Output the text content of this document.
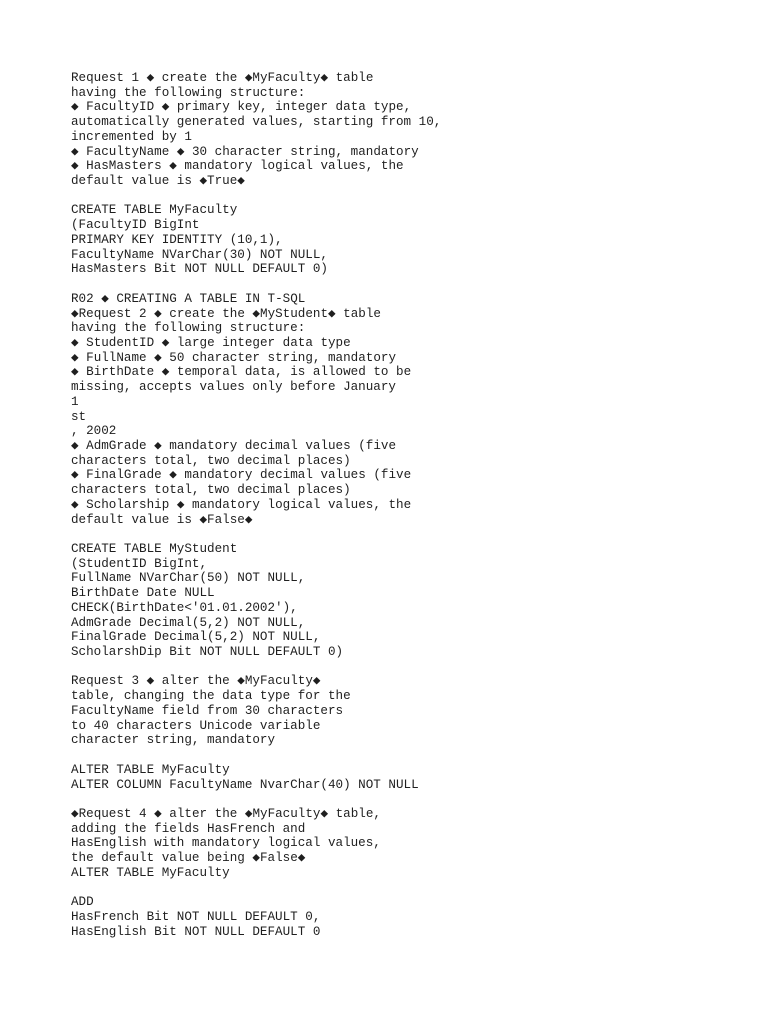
Request 1 ◆ create the ◆MyFaculty◆ table
having the following structure:
◆ FacultyID ◆ primary key, integer data type,
automatically generated values, starting from 10,
incremented by 1
◆ FacultyName ◆ 30 character string, mandatory
◆ HasMasters ◆ mandatory logical values, the
default value is ◆True◆

CREATE TABLE MyFaculty
(FacultyID BigInt
PRIMARY KEY IDENTITY (10,1),
FacultyName NVarChar(30) NOT NULL,
HasMasters Bit NOT NULL DEFAULT 0)

R02 ◆ CREATING A TABLE IN T-SQL
◆Request 2 ◆ create the ◆MyStudent◆ table
having the following structure:
◆ StudentID ◆ large integer data type
◆ FullName ◆ 50 character string, mandatory
◆ BirthDate ◆ temporal data, is allowed to be
missing, accepts values only before January
1
st
, 2002
◆ AdmGrade ◆ mandatory decimal values (five
characters total, two decimal places)
◆ FinalGrade ◆ mandatory decimal values (five
characters total, two decimal places)
◆ Scholarship ◆ mandatory logical values, the
default value is ◆False◆

CREATE TABLE MyStudent
(StudentID BigInt,
FullName NVarChar(50) NOT NULL,
BirthDate Date NULL
CHECK(BirthDate<'01.01.2002'),
AdmGrade Decimal(5,2) NOT NULL,
FinalGrade Decimal(5,2) NOT NULL,
ScholarshDip Bit NOT NULL DEFAULT 0)

Request 3 ◆ alter the ◆MyFaculty◆
table, changing the data type for the
FacultyName field from 30 characters
to 40 characters Unicode variable
character string, mandatory

ALTER TABLE MyFaculty
ALTER COLUMN FacultyName NvarChar(40) NOT NULL

◆Request 4 ◆ alter the ◆MyFaculty◆ table,
adding the fields HasFrench and
HasEnglish with mandatory logical values,
the default value being ◆False◆
ALTER TABLE MyFaculty

ADD
HasFrench Bit NOT NULL DEFAULT 0,
HasEnglish Bit NOT NULL DEFAULT 0
